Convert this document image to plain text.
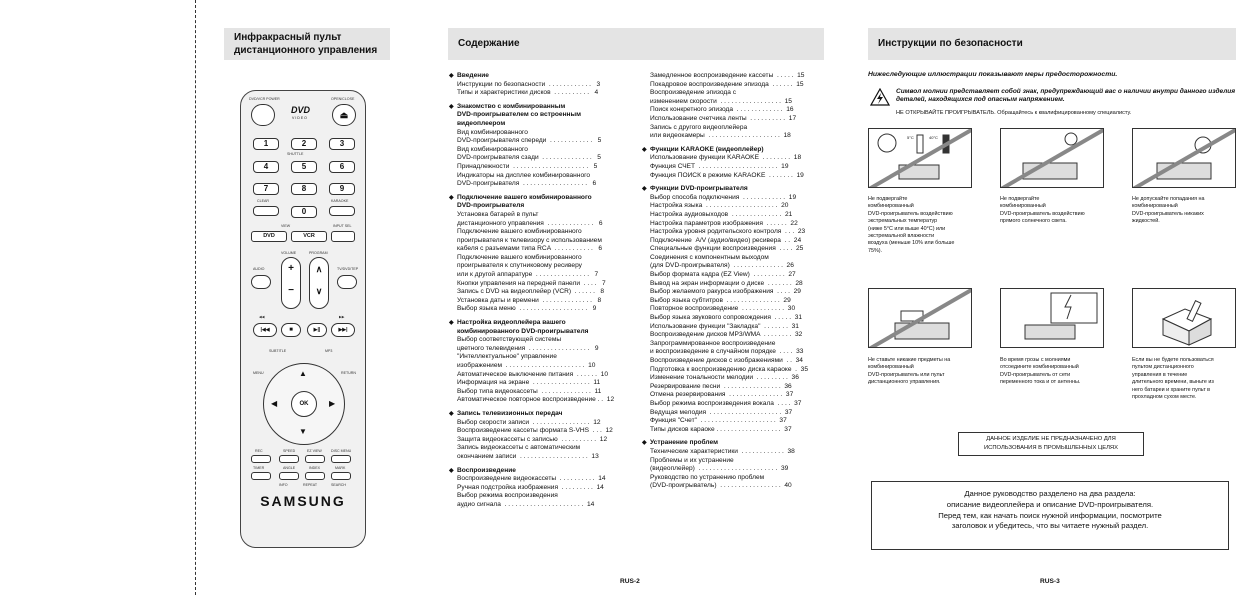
Инфракрасный пульт
дистанционного управления
Содержание	Инструкции по безопасности
DVD/VCR POWER	OPEN/CLOSE
DVD
VIDEO	⏏
1	2	3
SHUTTLE
4	5	6
7	8	9
CLEAR	KARAOKE
0
VIEW	INPUT SEL
DVD	VCR
VOLUME	PROGRAM
AUDIO	TV/DVD/TEP
+
−
∧
∨
|◀◀	■	▶||	▶▶|
◀◀	▶▶
SUBTITLE	MP3
MENU	RETURN
OK
▲
▼
◀	▶
REC	SPEED	EZ VIEW	DISC MENU
TIMER	ANGLE	INDEX	MARK
INFO	REPEAT	SEARCH
SAMSUNG
◆ Введение
Инструкции по безопасности  . . . . . . . . . . . .   3
Типы и характеристики дисков  . . . . . . . . . .   4
◆ Знакомство с комбинированным
DVD-проигрывателем со встроенным
видеоплеером
Вид комбинированного
DVD-проигрывателя спереди  . . . . . . . . . . . .   5
Вид комбинированного
DVD-проигрывателя сзади  . . . . . . . . . . . . . .   5
Принадлежности  . . . . . . . . . . . . . . . . . . . . .   5
Индикаторы на дисплее комбинированного
DVD-проигрывателя  . . . . . . . . . . . . . . . . . .   6
◆ Подключение вашего комбинированного
DVD-проигрывателя
Установка батарей в пульт
дистанционного управления  . . . . . . . . . . . . .   6
Подключение вашего комбинированного
проигрывателя к телевизору с использованием
кабеля с разъемами типа RCA  . . . . . . . . . . .   6
Подключение вашего комбинированного
проигрывателя к спутниковому ресиверу
или к другой аппаратуре  . . . . . . . . . . . . . . .   7
Кнопки управления на передней панели  . . . .   7
Запись с DVD на видеоплейер (VCR)  . . . . . .   8
Установка даты и времени  . . . . . . . . . . . . . .   8
Выбор языка меню  . . . . . . . . . . . . . . . . . . .   9
◆ Настройка видеоплейера вашего
комбинированного DVD-проигрывателя
Выбор соответствующей системы
цветного телевидения  . . . . . . . . . . . . . . . . .   9
"Интеллектуальное" управление
изображением  . . . . . . . . . . . . . . . . . . . . . .  10
Автоматическое выключение питания  . . . . . .  10
Информация на экране  . . . . . . . . . . . . . . . .  11
Выбор типа видеокассеты  . . . . . . . . . . . . . .  11
Автоматическое повторное воспроизведение . .  12
◆ Запись телевизионных передач
Выбор скорости записи  . . . . . . . . . . . . . . . .  12
Воспроизведение кассеты формата S-VHS  . . .  12
Защита видеокассеты с записью  . . . . . . . . . .  12
Запись видеокассеты с автоматическим
окончанием записи  . . . . . . . . . . . . . . . . . . .  13
◆ Воспроизведение
Воспроизведение видеокассеты  . . . . . . . . . .  14
Ручная подстройка изображения  . . . . . . . . .  14
Выбор режима воспроизведения
аудио сигнала  . . . . . . . . . . . . . . . . . . . . . .  14
Замедленное воспроизведение кассеты  . . . . .  15
Покадровое воспроизведение эпизода  . . . . . .  15
Воспроизведение эпизода с
изменением скорости  . . . . . . . . . . . . . . . . .  15
Поиск конкретного эпизода  . . . . . . . . . . . . .  16
Использование счетчика ленты  . . . . . . . . . .  17
Запись с другого видеоплейера
или видеокамеры  . . . . . . . . . . . . . . . . . . . .  18
◆ Функции KARAOKE (видеоплейер)
Использование функции KARAOKE  . . . . . . . .  18
Функция СЧЕТ  . . . . . . . . . . . . . . . . . . . . . .  19
Функция ПОИСК в режиме KARAOKE  . . . . . . .  19
◆ Функции DVD-проигрывателя
Выбор способа подключения  . . . . . . . . . . . .  19
Настройка языка  . . . . . . . . . . . . . . . . . . . .  20
Настройка аудиовыходов  . . . . . . . . . . . . . .  21
Настройка параметров изображения  . . . . . .  22
Настройка уровня родительского контроля  . . .  23
Подключение  A/V (аудио/видео) ресивера  . .  24
Специальные функции воспроизведения  . . . .  25
Соединения с компонентным выходом
(для DVD-проигрывателя)  . . . . . . . . . . . . . .  26
Выбор формата кадра (EZ View)  . . . . . . . . .  27
Вывод на экран информации о диске  . . . . . . .  28
Выбор желаемого ракурса изображения  . . . .  29
Выбор языка субтитров  . . . . . . . . . . . . . . .  29
Повторное воспроизведение  . . . . . . . . . . . .  30
Выбор языка звукового сопровождения  . . . . .  31
Использование функции "Закладка"  . . . . . . .  31
Воспроизведение дисков MP3/WMA  . . . . . . . .  32
Запрограммированное воспроизведение
и воспроизведение в случайном порядке  . . . .  33
Воспроизведение дисков с изображениями  . .  34
Подготовка к воспроизведению диска караоке  .  35
Изменение тональности мелодии  . . . . . . . . .  36
Резервирование песни  . . . . . . . . . . . . . . . .  36
Отмена резервирования  . . . . . . . . . . . . . . .  37
Выбор режима воспроизведения вокала  . . . .  37
Ведущая мелодия  . . . . . . . . . . . . . . . . . . . .  37
Функция "Счет"  . . . . . . . . . . . . . . . . . . . . .  37
Типы дисков караоке . . . . . . . . . . . . . . . . . .  37
◆ Устранение проблем
Технические характеристики  . . . . . . . . . . . .  38
Проблемы и их устранение
(видеоплейер)  . . . . . . . . . . . . . . . . . . . . . .  39
Руководство по устранению проблем
(DVD-проигрыватель)  . . . . . . . . . . . . . . . . .  40
Нижеследующие иллюстрации показывают меры предосторожности.
Символ молнии представляет собой знак, предупреждающий вас о наличии внутри данного изделия деталей, находящихся под опасным напряжением.
НЕ ОТКРЫВАЙТЕ ПРОИГРЫВАТЕЛЬ. Обращайтесь к квалифицированному специалисту.
5°C	40°C
Не подвергайте
комбинированный
DVD-проигрыватель воздействию
экстремальных температур
(ниже 5°C или выше 40°C) или
экстремальной влажности
воздуха (меньше 10% или больше
75%).
Не подвергайте
комбинированный
DVD-проигрыватель воздействию
прямого солнечного света.
Не допускайте попадания на
комбинированный
DVD-проигрыватель никаких
жидкостей.
Не ставьте никакие предметы на
комбинированный
DVD-проигрыватель или пульт
дистанционного управления.
Во время грозы с молниями
отсоедините комбинированный
DVD-проигрыватель от сети
переменного тока и от антенны.
Если вы не будете пользоваться
пультом дистанционного
управления в течение
длительного времени, выньте из
него батареи и храните пульт в
прохладном сухом месте.
ДАННОЕ ИЗДЕЛИЕ НЕ ПРЕДНАЗНАЧЕНО ДЛЯ
ИСПОЛЬЗОВАНИЯ В ПРОМЫШЛЕННЫХ ЦЕЛЯХ
Данное руководство разделено на два раздела:
описание видеоплейера и описание DVD-проигрывателя.
Перед тем, как начать поиск нужной информации, посмотрите
заголовок и убедитесь, что вы читаете нужный раздел.
RUS-2	RUS-3
